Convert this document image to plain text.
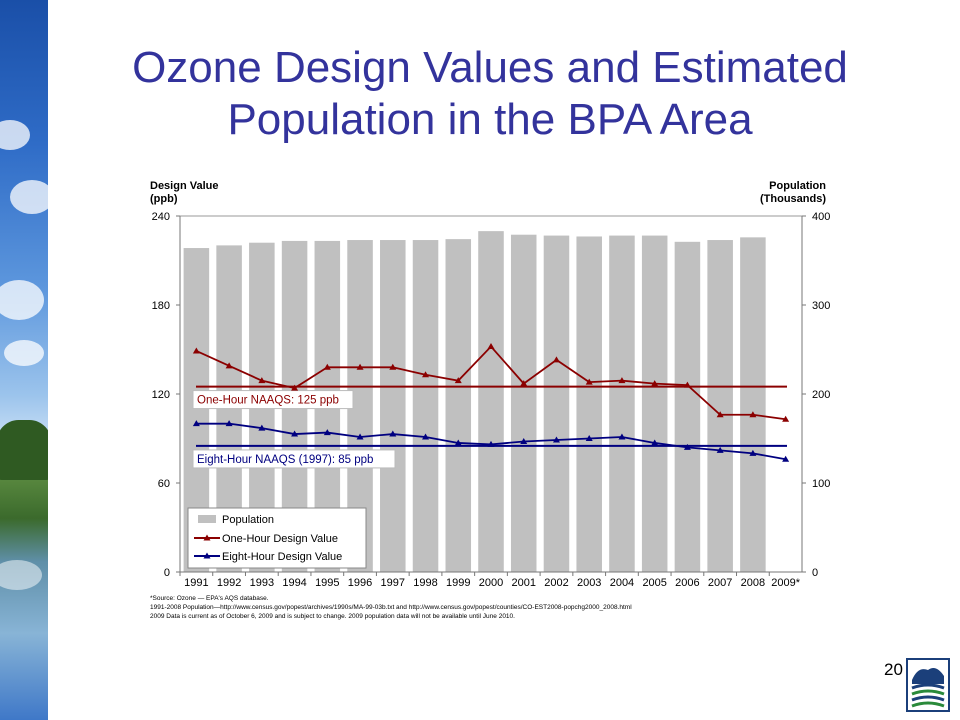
Ozone Design Values and Estimated
Population in the BPA Area
Design Value
(ppb)
Population
(Thousands)
0
60
120
180
240
0
100
200
300
400
1991 1992 1993 1994 1995 1996 1997 1998 1999 2000 2001 2002 2003 2004 2005 2006 2007 2008 2009*
One-Hour NAAQS: 125 ppb
Eight-Hour NAAQS (1997): 85 ppb
Population
One-Hour Design Value
Eight-Hour Design Value
*Source: Ozone — EPA's AQS database.
1991-2008 Population—http://www.census.gov/popest/archives/1990s/MA-99-03b.txt and http://www.census.gov/popest/counties/CO-EST2008-popchg2000_2008.html
2009 Data is current as of October 6, 2009 and is subject to change. 2009 population data will not be available until June 2010.
20
